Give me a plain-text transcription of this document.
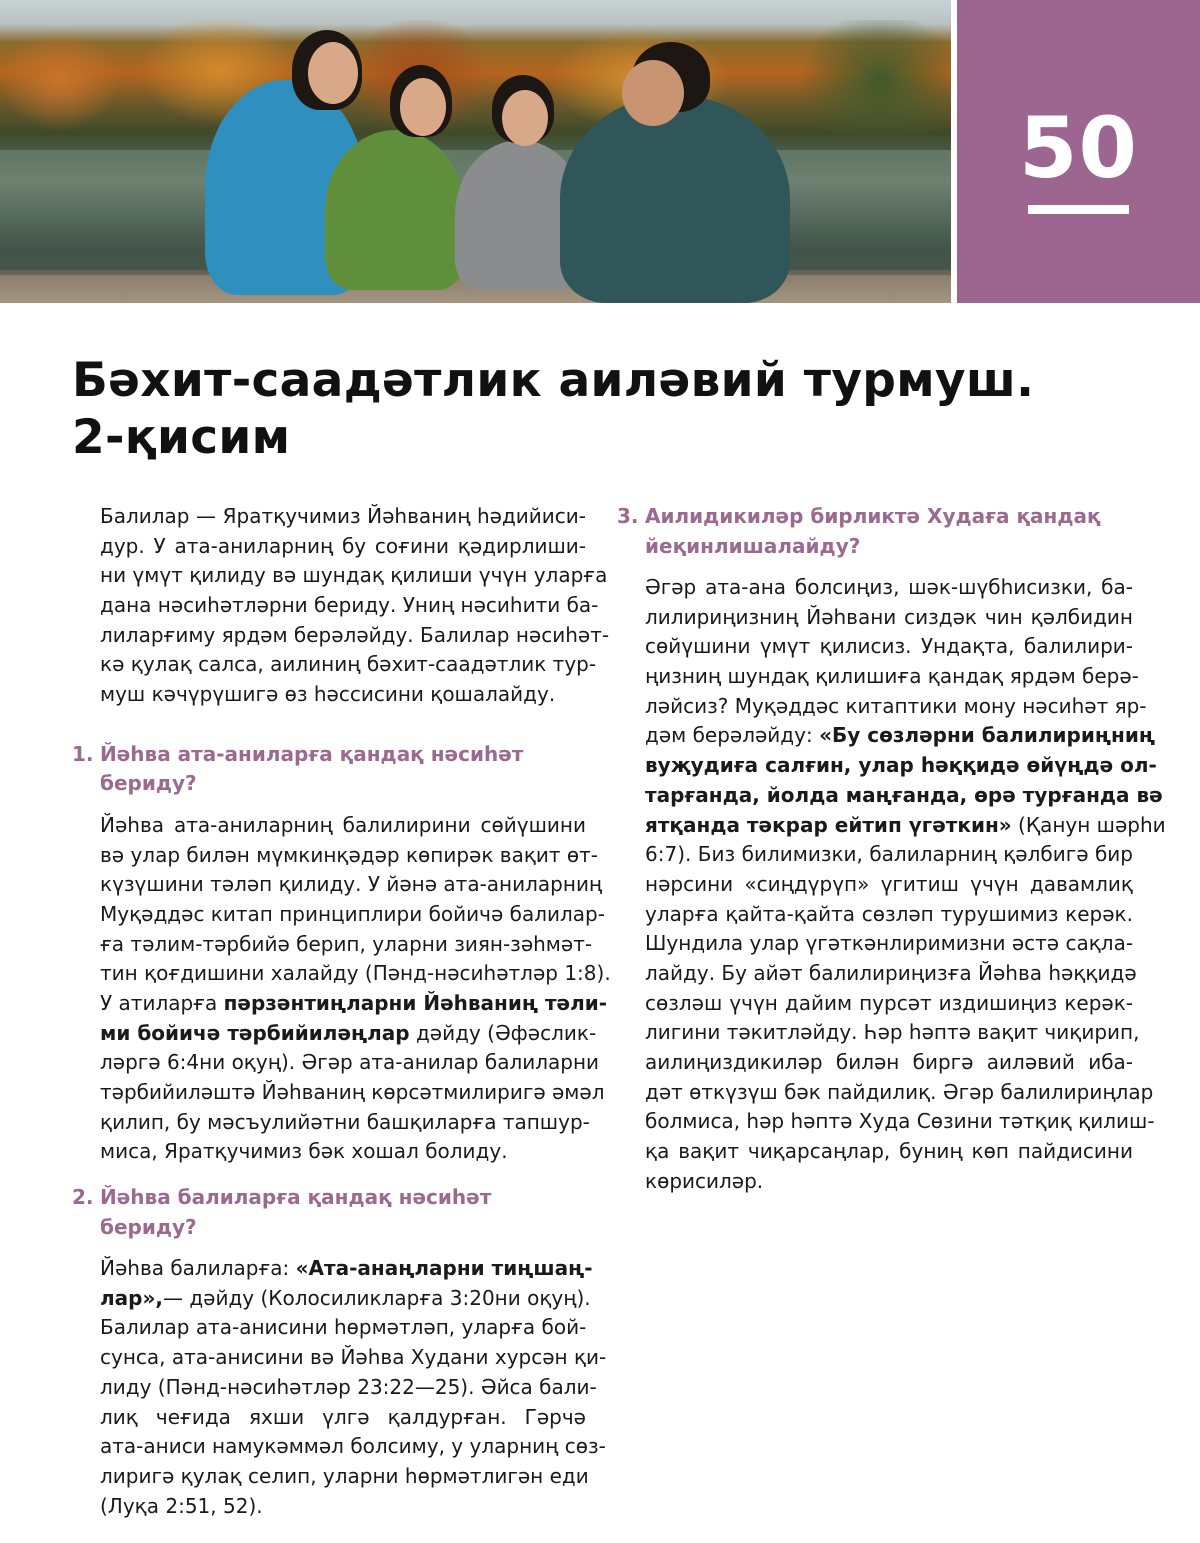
50
Бәхит-саадәтлик аиләвий турмуш.
2-қисим
Балилар — Яратқучимиз Йәһваниң һәдийиси-
дур. У ата-аниларниң бу соғини қәдирлиши-
ни үмүт қилиду вә шундақ қилиши үчүн уларға
дана нәсиһәтләрни бериду. Униң нәсиһити ба-
лиларғиму ярдәм берәләйду. Балилар нәсиһәт-
кә қулақ салса, аилиниң бәхит-саадәтлик тур-
муш кәчүрүшигә өз һәссисини қошалайду.
1. Йәһва ата-аниларға қандақ нәсиһәт
бериду?
Йәһва ата-аниларниң балилирини сөйүшини
вә улар билән мүмкинқәдәр көпирәк вақит өт-
күзүшини тәләп қилиду. У йәнә ата-аниларниң
Муқәддәс китап принциплири бойичә балилар-
ға тәлим-тәрбийә берип, уларни зиян-зәһмәт-
тин қоғдишини халайду (Пәнд-нәсиһәтләр 1:8).
У атиларға пәрзәнтиңларни Йәһваниң тәли-
ми бойичә тәрбийиләңлар дәйду (Әфәслик-
ләргә 6:4ни оқуң). Әгәр ата-анилар балиларни
тәрбийиләштә Йәһваниң көрсәтмилиригә әмәл
қилип, бу мәсъулийәтни башқиларға тапшур-
миса, Яратқучимиз бәк хошал болиду.
2. Йәһва балиларға қандақ нәсиһәт бериду?
Йәһва балиларға: «Ата-анаңларни тиңшаң-
лар»,— дәйду (Колосиликларға 3:20ни оқуң).
Балилар ата-анисини һөрмәтләп, уларға бой-
сунса, ата-анисини вә Йәһва Худани хурсән қи-
лиду (Пәнд-нәсиһәтләр 23:22—25). Әйса бали-
лиқ чеғида яхши үлгә қалдурған. Гәрчә
ата-аниси намукәммәл болсиму, у уларниң сөз-
лиригә қулақ селип, уларни һөрмәтлигән еди
(Луқа 2:51, 52).
3. Аилидикиләр бирликтә Худаға қандақ
йеқинлишалайду?
Әгәр ата-ана болсиңиз, шәк-шүбһисизки, ба-
лилириңизниң Йәһвани сиздәк чин қәлбидин
сөйүшини үмүт қилисиз. Ундақта, балилири-
ңизниң шундақ қилишиға қандақ ярдәм берә-
ләйсиз? Муқәддәс китаптики мону нәсиһәт яр-
дәм берәләйду: «Бу сөзләрни балилириңниң
вуҗудиға салғин, улар һәққидә өйүңдә ол-
тарғанда, йолда маңғанда, өрә турғанда вә
ятқанда тәкрар ейтип үгәткин» (Қанун шәрһи
6:7). Биз билимизки, балиларниң қәлбигә бир
нәрсини «сиңдүрүп» үгитиш үчүн давамлиқ
уларға қайта-қайта сөзләп турушимиз керәк.
Шундила улар үгәткәнлиримизни әстә сақла-
лайду. Бу айәт балилириңизға Йәһва һәққидә
сөзләш үчүн дайим пурсәт издишиңиз керәк-
лигини тәкитләйду. Һәр һәптә вақит чиқирип,
аилиңиздикиләр билән биргә аиләвий иба-
дәт өткүзүш бәк пайдилиқ. Әгәр балилириңлар
болмиса, һәр һәптә Худа Сөзини тәтқиқ қилиш-
қа вақит чиқарсаңлар, буниң көп пайдисини
көрисиләр.
